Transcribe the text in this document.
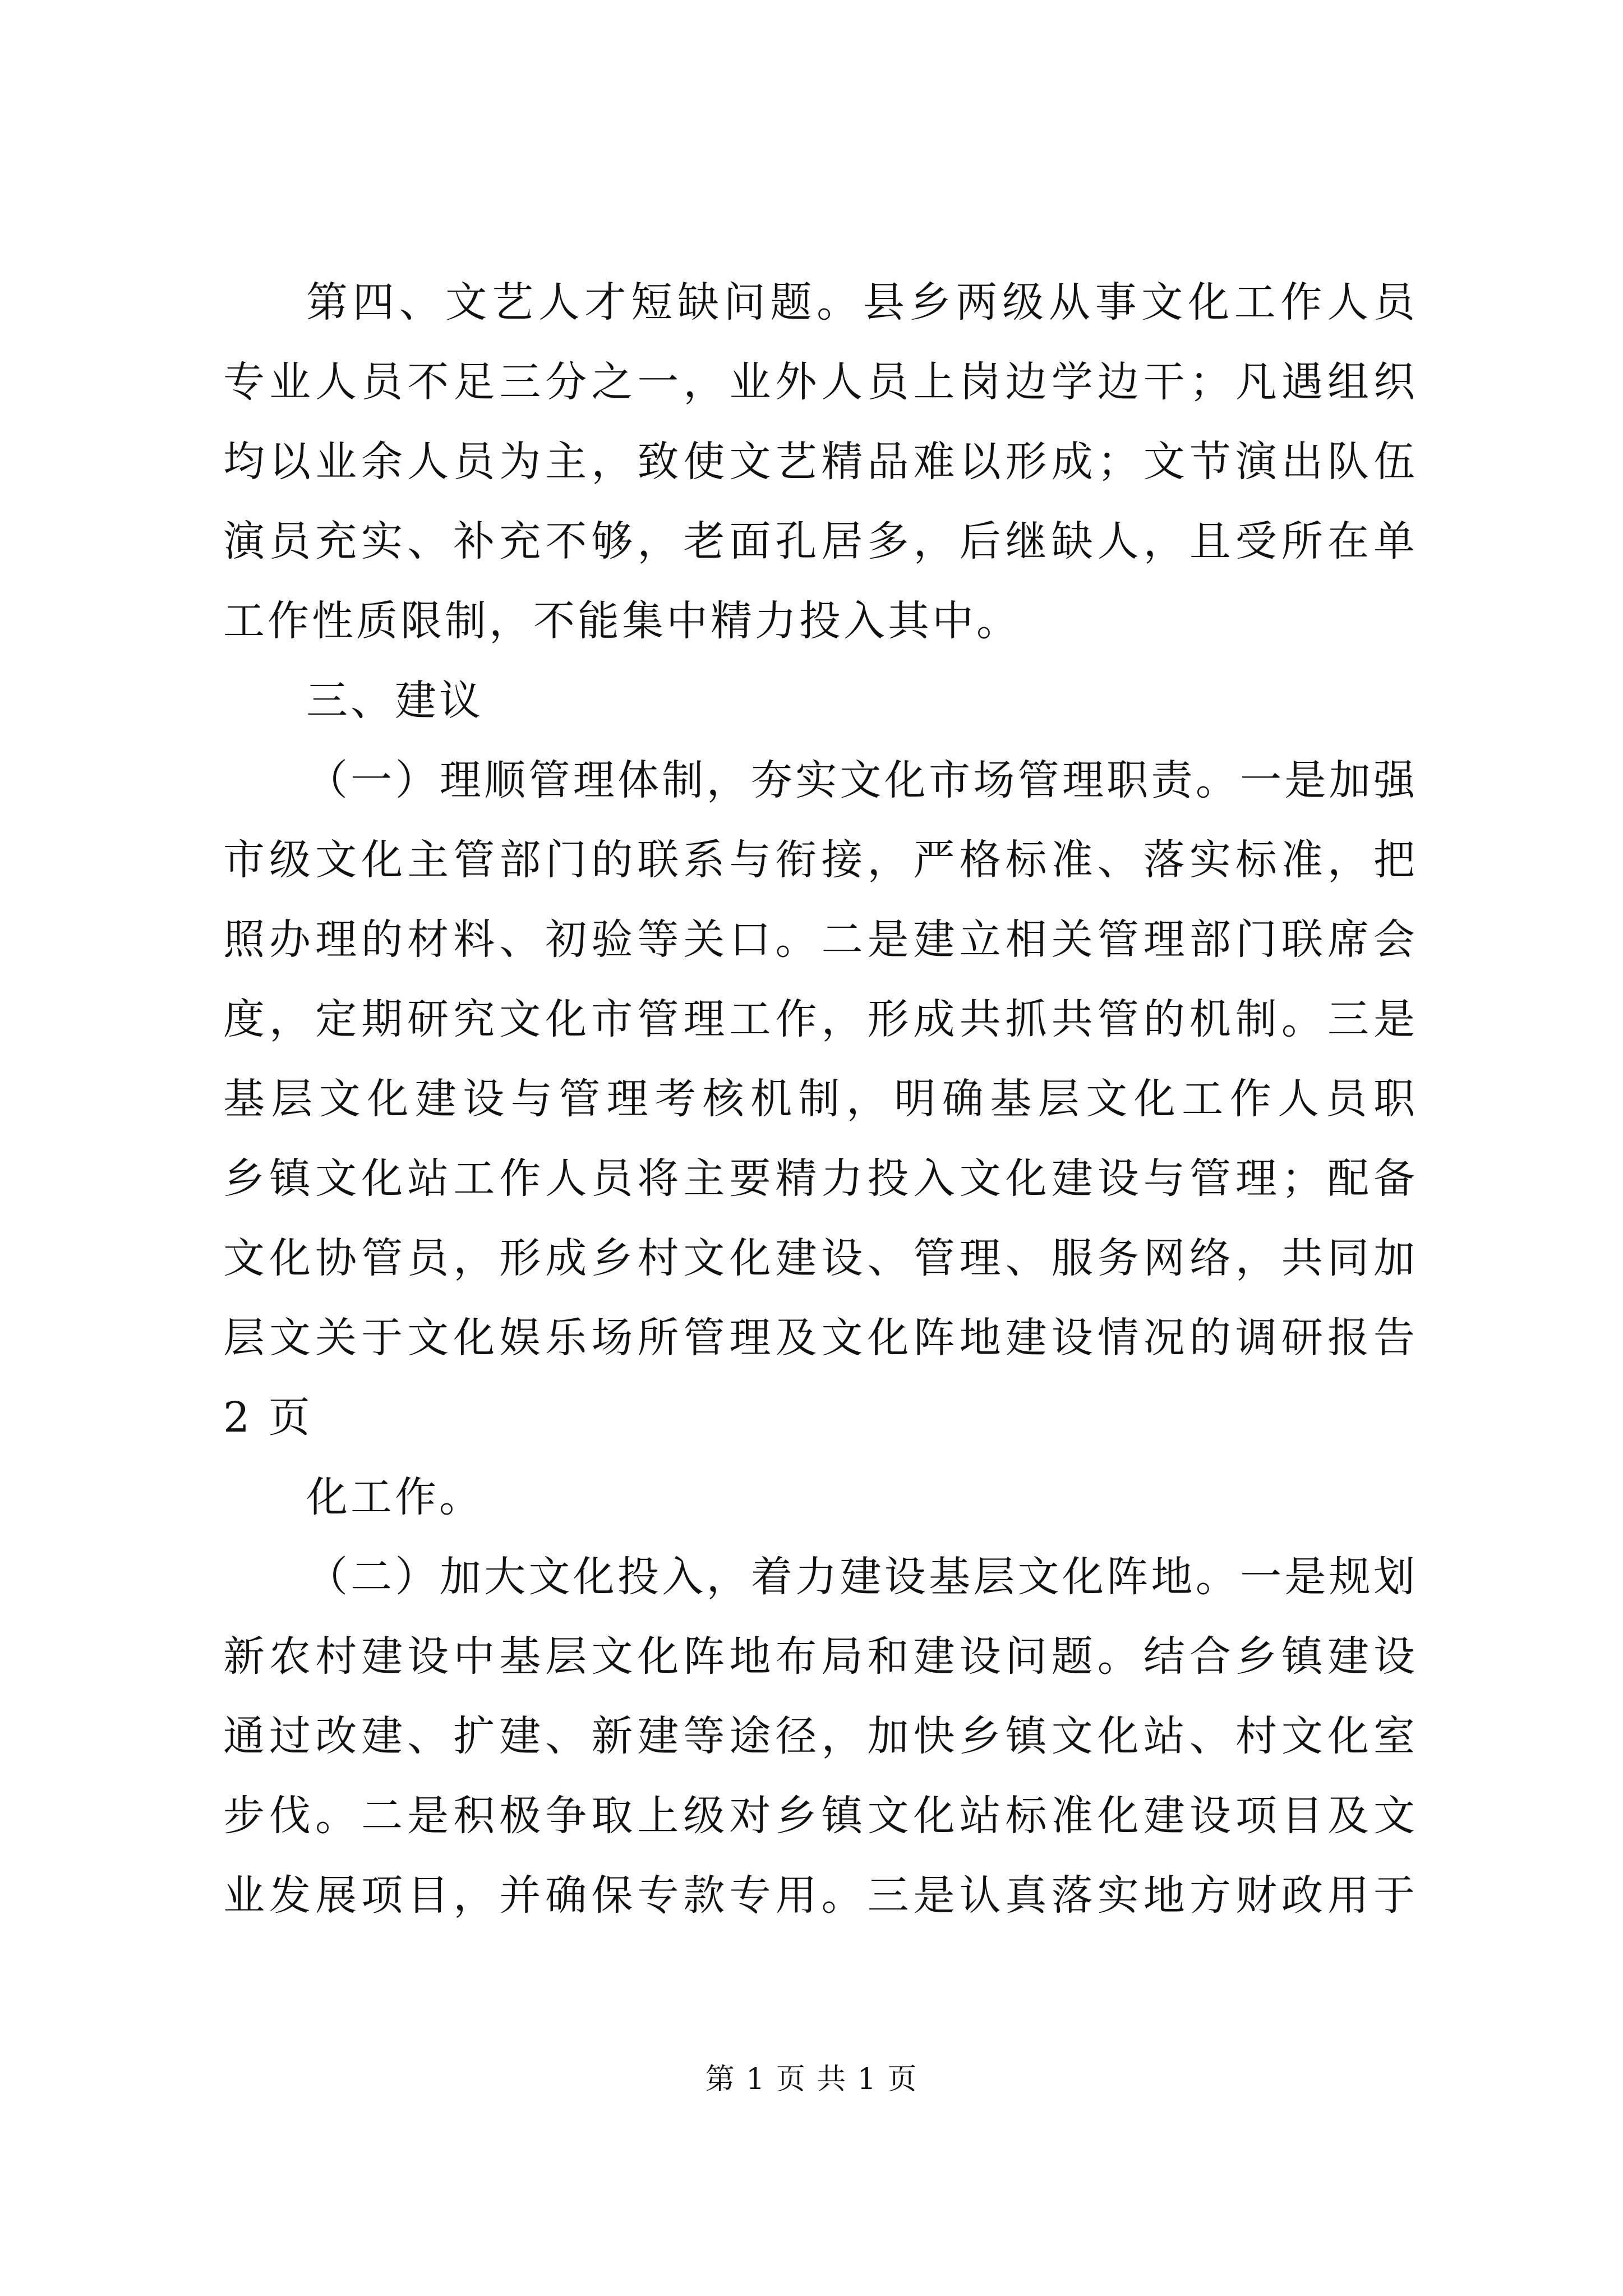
第四、文艺人才短缺问题。县乡两级从事文化工作人员
专业人员不足三分之一，业外人员上岗边学边干；凡遇组织
均以业余人员为主，致使文艺精品难以形成；文节演出队伍
演员充实、补充不够，老面孔居多，后继缺人，且受所在单
工作性质限制，不能集中精力投入其中。
三、建议
（一）理顺管理体制，夯实文化市场管理职责。一是加强
市级文化主管部门的联系与衔接，严格标准、落实标准，把
照办理的材料、初验等关口。二是建立相关管理部门联席会
度，定期研究文化市管理工作，形成共抓共管的机制。三是
基层文化建设与管理考核机制，明确基层文化工作人员职
乡镇文化站工作人员将主要精力投入文化建设与管理；配备
文化协管员，形成乡村文化建设、管理、服务网络，共同加
层文关于文化娱乐场所管理及文化阵地建设情况的调研报告
2 页
化工作。
（二）加大文化投入，着力建设基层文化阵地。一是规划
新农村建设中基层文化阵地布局和建设问题。结合乡镇建设
通过改建、扩建、新建等途径，加快乡镇文化站、村文化室
步伐。二是积极争取上级对乡镇文化站标准化建设项目及文
业发展项目，并确保专款专用。三是认真落实地方财政用于
第 1 页 共 1 页
